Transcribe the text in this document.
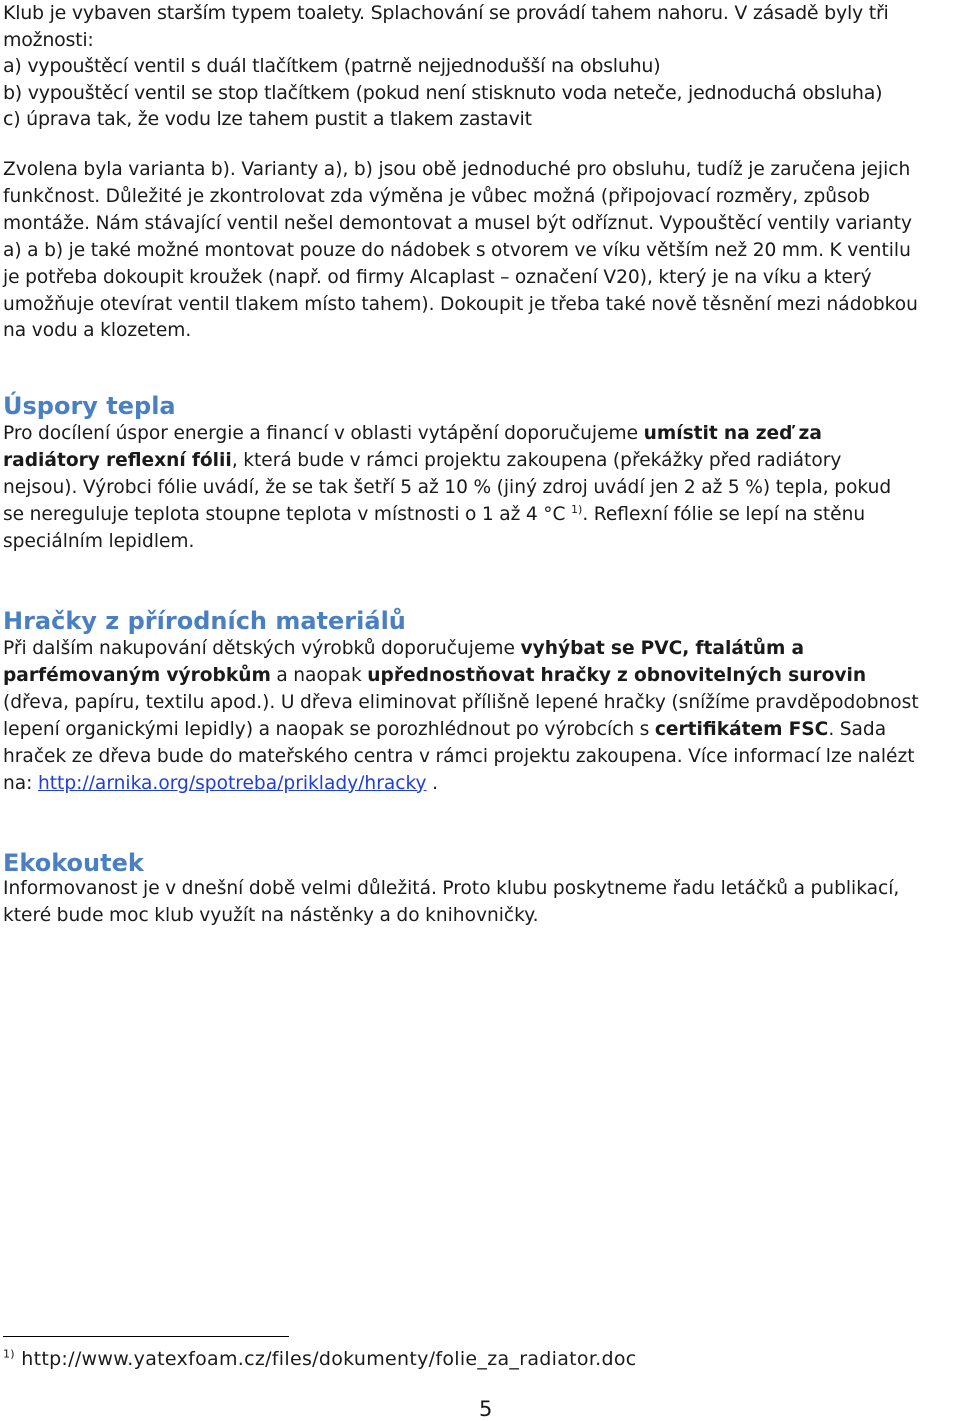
Klub je vybaven starším typem toalety. Splachování se provádí tahem nahoru. V zásadě byly tři

možnosti:

a) vypouštěcí ventil s duál tlačítkem (patrně nejjednodušší na obsluhu)

b) vypouštěcí ventil se stop tlačítkem (pokud není stisknuto voda neteče, jednoduchá obsluha)

c) úprava tak, že vodu lze tahem pustit a tlakem zastavit

Zvolena byla varianta b). Varianty a), b) jsou obě jednoduché pro obsluhu, tudíž je zaručena jejich

funkčnost. Důležité je zkontrolovat zda výměna je vůbec možná (připojovací rozměry, způsob

montáže. Nám stávající ventil nešel demontovat a musel být odříznut. Vypouštěcí ventily varianty

a) a b) je také možné montovat pouze do nádobek s otvorem ve víku větším než 20 mm. K ventilu

je potřeba dokoupit kroužek (např. od firmy Alcaplast – označení V20), který je na víku a který

umožňuje otevírat ventil tlakem místo tahem). Dokoupit je třeba také nově těsnění mezi nádobkou

na vodu a klozetem.

Úspory tepla

Pro docílení úspor energie a financí v oblasti vytápění doporučujeme umístit na zeď za

radiátory reflexní fólii, která bude v rámci projektu zakoupena (překážky před radiátory

nejsou). Výrobci fólie uvádí, že se tak šetří 5 až 10 % (jiný zdroj uvádí jen 2 až 5 %) tepla, pokud

se nereguluje teplota stoupne teplota v místnosti o 1 až 4 °C $^{1)}$. Reflexní fólie se lepí na stěnu

speciálním lepidlem.

Hračky z přírodních materiálů

Při dalším nakupování dětských výrobků doporučujeme vyhýbat se PVC, ftalátům a

parfémovaným výrobkům a naopak upřednostňovat hračky z obnovitelných surovin

(dřeva, papíru, textilu apod.). U dřeva eliminovat přílišně lepené hračky (snížíme pravděpodobnost

lepení organickými lepidly) a naopak se porozhlédnout po výrobcích s certifikátem FSC. Sada

hraček ze dřeva bude do mateřského centra v rámci projektu zakoupena. Více informací lze nalézt

na: http://arnika.org/spotreba/priklady/hracky .

Ekokoutek

Informovanost je v dnešní době velmi důležitá. Proto klubu poskytneme řadu letáčků a publikací,

které bude moc klub využít na nástěnky a do knihovničky.

$^{1)}$ http://www.yatexfoam.cz/files/dokumenty/folie_za_radiator.doc
5
